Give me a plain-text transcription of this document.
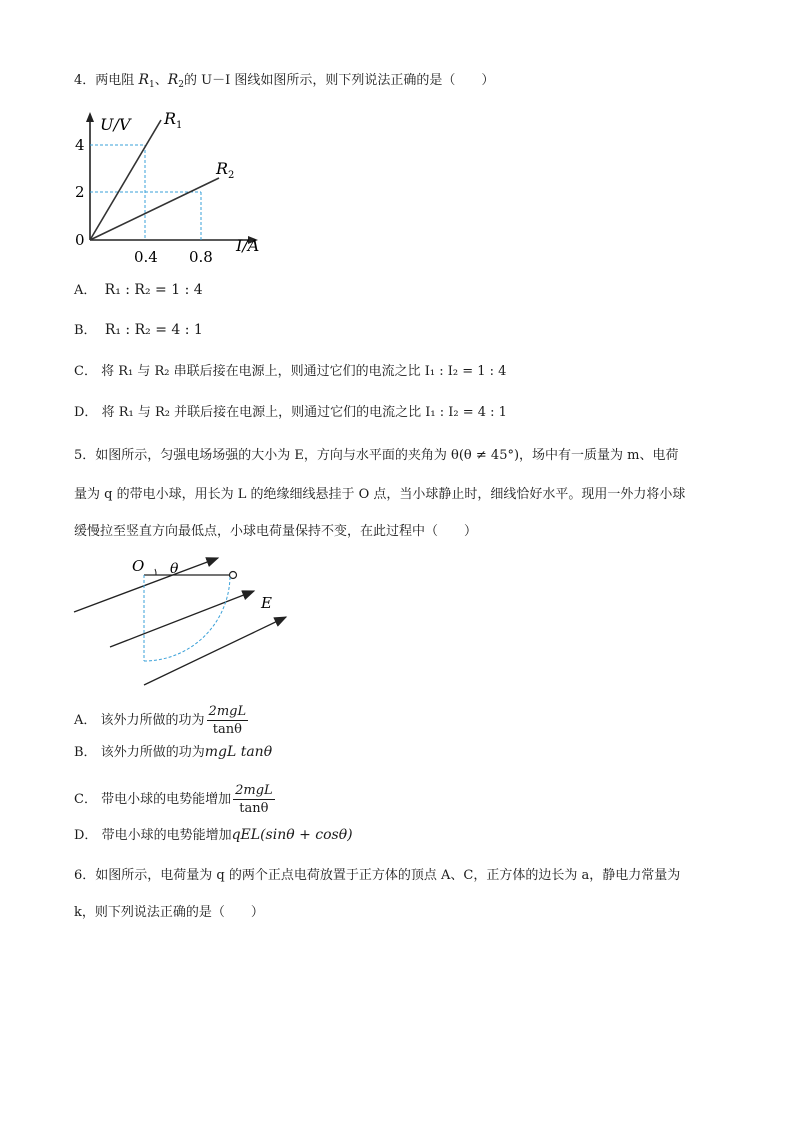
4．两电阻 $R_1$、$R_2$的 U－I 图线如图所示，则下列说法正确的是（　　）
U/V
I/A
0
4
2
0.4 0.8
$R_1$
$R_2$
A． R₁ : R₂ = 1 : 4
B． R₁ : R₂ = 4 : 1
C． 将 R₁ 与 R₂ 串联后接在电源上，则通过它们的电流之比 I₁ : I₂ = 1 : 4
D． 将 R₁ 与 R₂ 并联后接在电源上，则通过它们的电流之比 I₁ : I₂ = 4 : 1
5．如图所示，匀强电场场强的大小为 E，方向与水平面的夹角为 θ(θ ≠ 45°)，场中有一质量为 m、电荷
量为 q 的带电小球，用长为 L 的绝缘细线悬挂于 O 点，当小球静止时，细线恰好水平。现用一外力将小球
缓慢拉至竖直方向最低点，小球电荷量保持不变，在此过程中（　　）
O θ
E
A． 该外力所做的功为 $\frac{\text{2mgL}}{\tan\theta}$
B． 该外力所做的功为mgL tanθ
C． 带电小球的电势能增加 $\frac{\text{2mgL}}{\tan\theta}$
D． 带电小球的电势能增加qEL(sinθ + cosθ)
6．如图所示，电荷量为 q 的两个正点电荷放置于正方体的顶点 A、C，正方体的边长为 a，静电力常量为
k，则下列说法正确的是（　　）
